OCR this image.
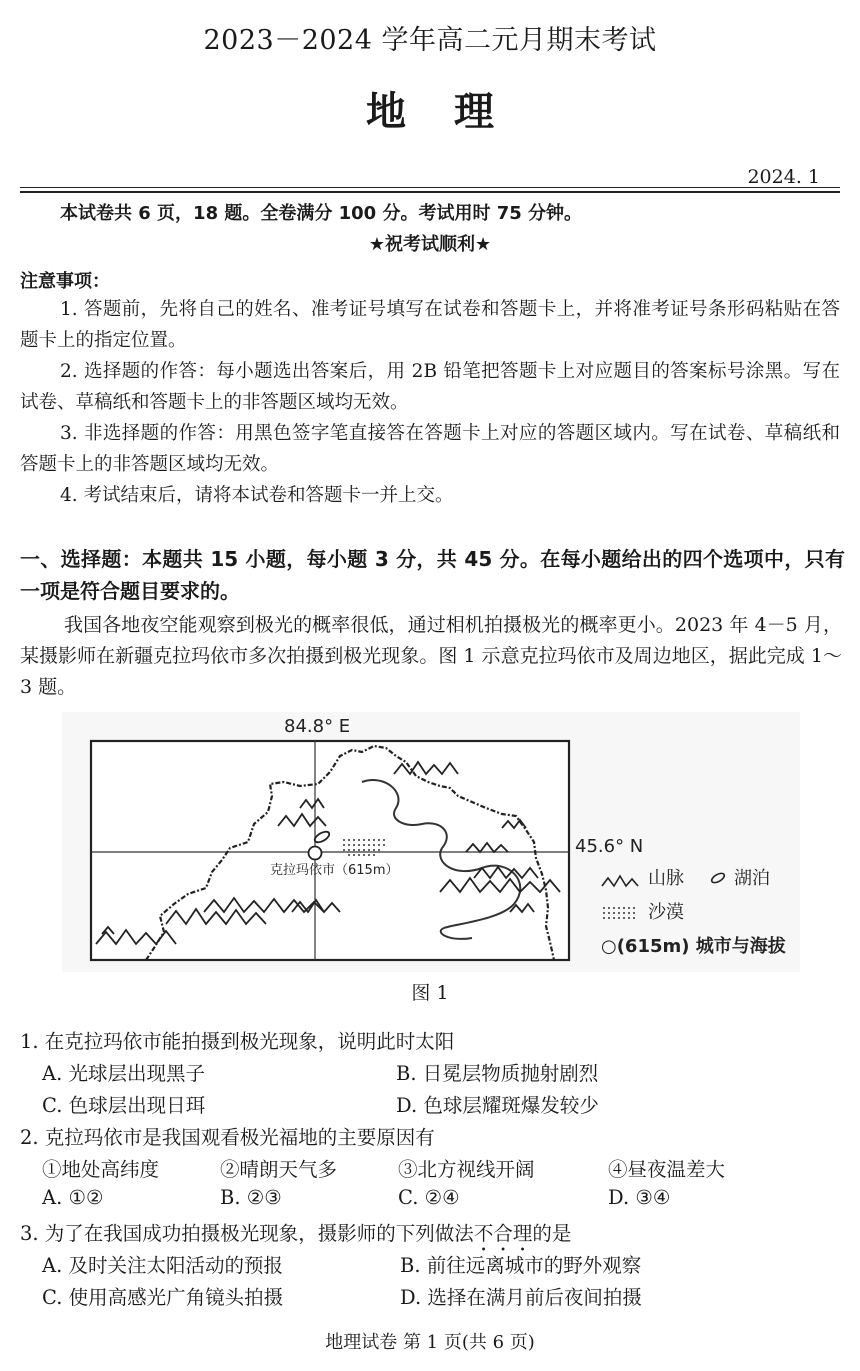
2023－2024 学年高二元月期末考试
地理
2024. 1
本试卷共 6 页，18 题。全卷满分 100 分。考试用时 75 分钟。
★祝考试顺利★
注意事项：
1. 答题前，先将自己的姓名、准考证号填写在试卷和答题卡上，并将准考证号条形码粘贴在答题卡上的指定位置。
2. 选择题的作答：每小题选出答案后，用 2B 铅笔把答题卡上对应题目的答案标号涂黑。写在试卷、草稿纸和答题卡上的非答题区域均无效。
3. 非选择题的作答：用黑色签字笔直接答在答题卡上对应的答题区域内。写在试卷、草稿纸和答题卡上的非答题区域均无效。
4. 考试结束后，请将本试卷和答题卡一并上交。
一、选择题：本题共 15 小题，每小题 3 分，共 45 分。在每小题给出的四个选项中，只有一项是符合题目要求的。
我国各地夜空能观察到极光的概率很低，通过相机拍摄极光的概率更小。2023 年 4－5 月，某摄影师在新疆克拉玛依市多次拍摄到极光现象。图 1 示意克拉玛依市及周边地区，据此完成 1～3 题。
克拉玛依市（615m）
84.8° E
45.6° N
山脉	湖泊
沙漠
○(615m) 城市与海拔
图 1
1. 在克拉玛依市能拍摄到极光现象，说明此时太阳
A. 光球层出现黑子	B. 日冕层物质抛射剧烈
C. 色球层出现日珥	D. 色球层耀斑爆发较少
2. 克拉玛依市是我国观看极光福地的主要原因有
①地处高纬度	②晴朗天气多	③北方视线开阔	④昼夜温差大
A. ①②	B. ②③	C. ②④	D. ③④
3. 为了在我国成功拍摄极光现象，摄影师的下列做法不合理的是
A. 及时关注太阳活动的预报	B. 前往远离城市的野外观察
C. 使用高感光广角镜头拍摄	D. 选择在满月前后夜间拍摄
地理试卷 第 1 页(共 6 页)
